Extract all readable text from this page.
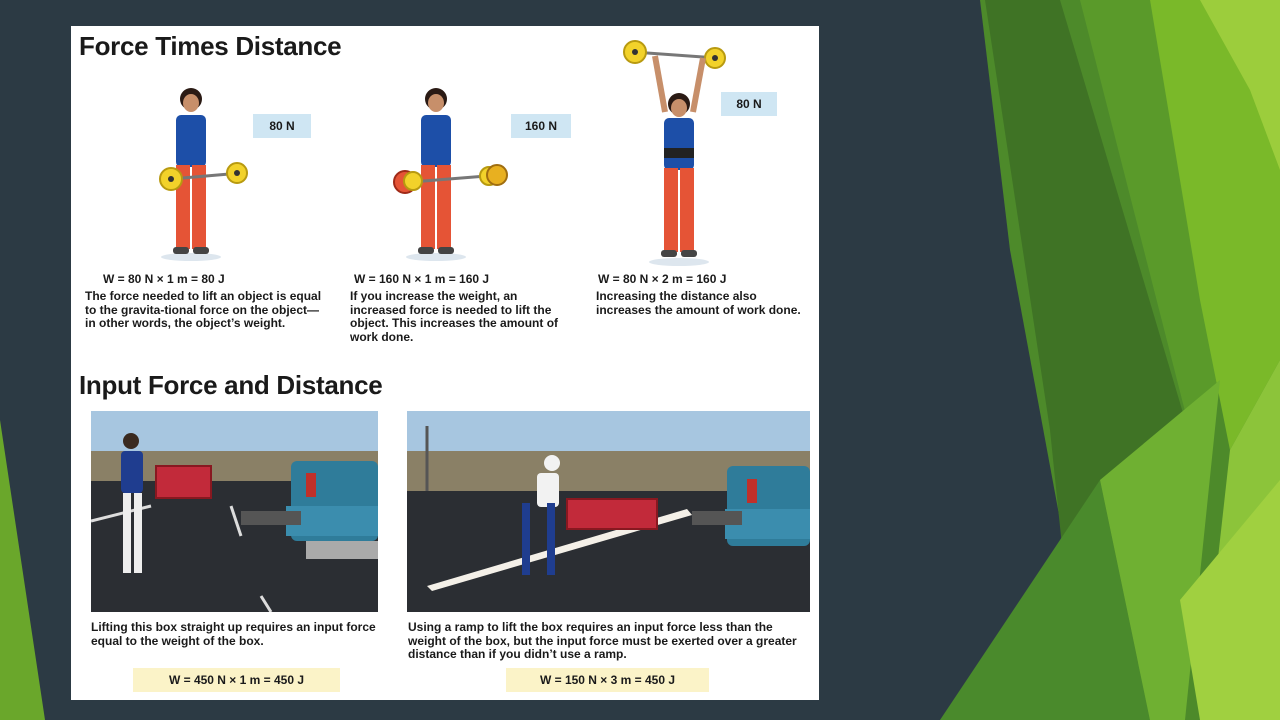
Force Times Distance
80 N	160 N
80 N
W = 80 N × 1 m = 80 J	W = 160 N × 1 m = 160 J	W = 80 N × 2 m = 160 J
The force needed to lift an object is equal to the gravita-tional force on the object—in other words, the object’s weight.
If you increase the weight, an increased force is needed to lift the object. This increases the amount of work done.
Increasing the distance also increases the amount of work done.
Input Force and Distance
Lifting this box straight up requires an input force equal to the weight of the box.
Using a ramp to lift the box requires an input force less than the weight of the box, but the input force must be exerted over a greater distance than if you didn’t use a ramp.
W = 450 N × 1 m = 450 J	W = 150 N × 3 m = 450 J
